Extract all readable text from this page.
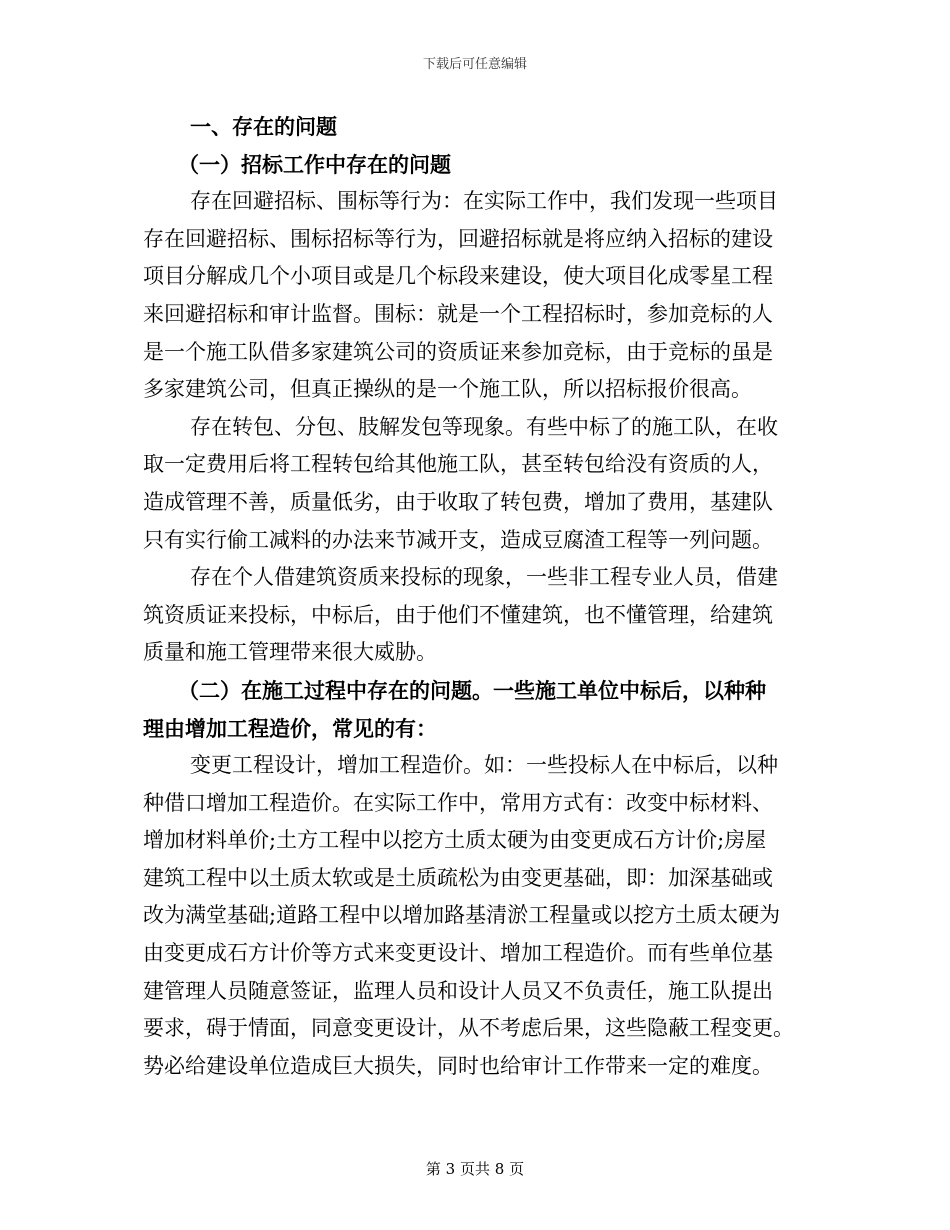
下载后可任意编辑
一、存在的问题
（一）招标工作中存在的问题
存在回避招标、围标等行为：在实际工作中，我们发现一些项目
存在回避招标、围标招标等行为，回避招标就是将应纳入招标的建设
项目分解成几个小项目或是几个标段来建设，使大项目化成零星工程
来回避招标和审计监督。围标：就是一个工程招标时，参加竞标的人
是一个施工队借多家建筑公司的资质证来参加竞标，由于竞标的虽是
多家建筑公司，但真正操纵的是一个施工队，所以招标报价很高。
存在转包、分包、肢解发包等现象。有些中标了的施工队，在收
取一定费用后将工程转包给其他施工队，甚至转包给没有资质的人，
造成管理不善，质量低劣，由于收取了转包费，增加了费用，基建队
只有实行偷工减料的办法来节减开支，造成豆腐渣工程等一列问题。
存在个人借建筑资质来投标的现象，一些非工程专业人员，借建
筑资质证来投标，中标后，由于他们不懂建筑，也不懂管理，给建筑
质量和施工管理带来很大威胁。
（二）在施工过程中存在的问题。一些施工单位中标后，以种种
理由增加工程造价，常见的有：
变更工程设计，增加工程造价。如：一些投标人在中标后，以种
种借口增加工程造价。在实际工作中，常用方式有：改变中标材料、
增加材料单价;土方工程中以挖方土质太硬为由变更成石方计价;房屋
建筑工程中以土质太软或是土质疏松为由变更基础，即：加深基础或
改为满堂基础;道路工程中以增加路基清淤工程量或以挖方土质太硬为
由变更成石方计价等方式来变更设计、增加工程造价。而有些单位基
建管理人员随意签证，监理人员和设计人员又不负责任，施工队提出
要求，碍于情面，同意变更设计，从不考虑后果，这些隐蔽工程变更。
势必给建设单位造成巨大损失，同时也给审计工作带来一定的难度。
第 3 页共 8 页
